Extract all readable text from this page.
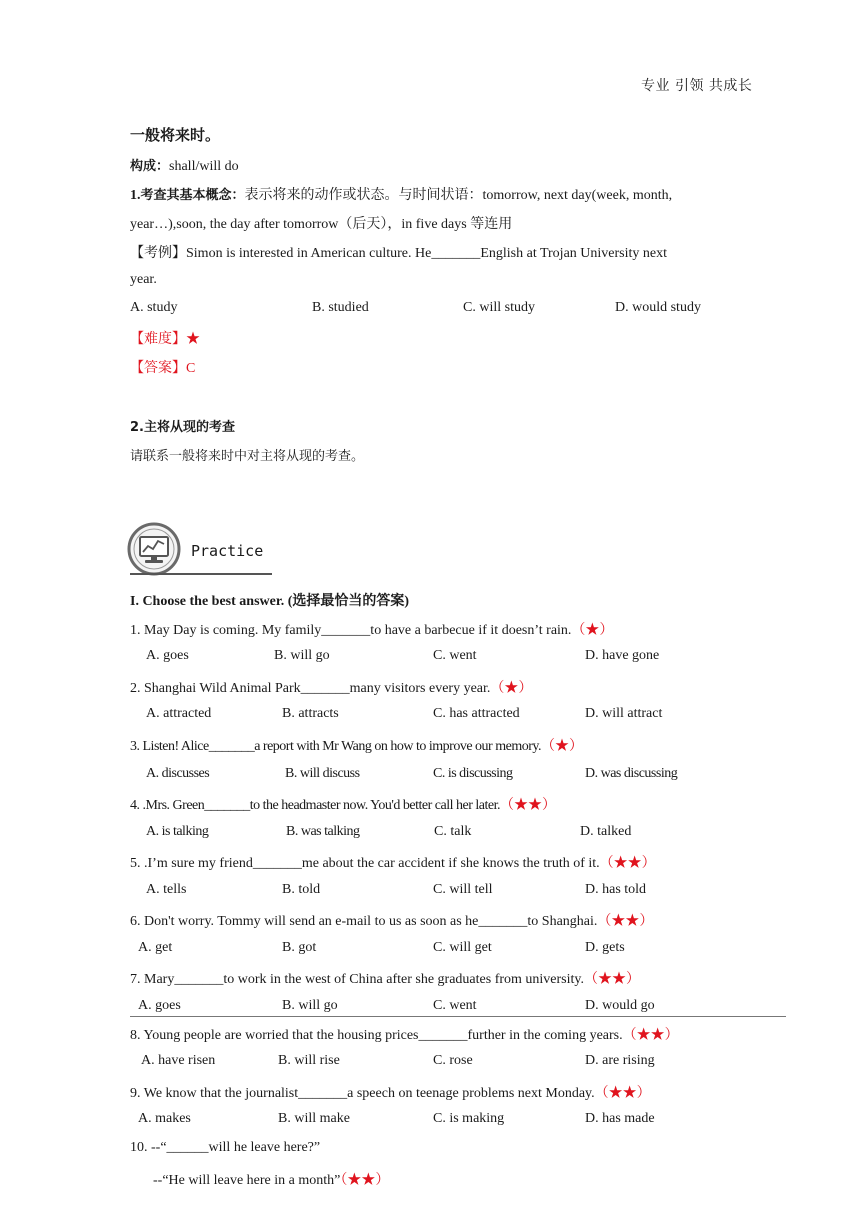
专业 引领 共成长
一般将来时。
构成：shall/will do
1.考查其基本概念：表示将来的动作或状态。与时间状语：tomorrow, next day(week, month,
year…),soon, the day after tomorrow（后天），in five days 等连用
【考例】Simon is interested in American culture. He_______English at Trojan University next
year.
A. study	B. studied	C. will study	D. would study
【难度】★
【答案】C
2.主将从现的考查
请联系一般将来时中对主将从现的考查。
Practice
I. Choose the best answer. (选择最恰当的答案)
1. May Day is coming. My family_______to have a barbecue if it doesn’t rain.（★）
A. goes	B. will go	C. went	D. have gone
2. Shanghai Wild Animal Park_______many visitors every year.（★）
A. attracted	B. attracts	C. has attracted	D. will attract
3. Listen! Alice_______a report with Mr Wang on how to improve our memory.（★）
A. discusses	B. will discuss	C. is discussing	D. was discussing
4. .Mrs. Green_______to the headmaster now. You'd better call her later.（★★）
A. is talking	B. was talking	C. talk	D. talked
5. .I’m sure my friend_______me about the car accident if she knows the truth of it.（★★）
A. tells	B. told	C. will tell	D. has told
6. Don't worry. Tommy will send an e-mail to us as soon as he_______to Shanghai.（★★）
A. get	B. got	C. will get	D. gets
7. Mary_______to work in the west of China after she graduates from university.（★★）
A. goes	B. will go	C. went	D. would go
8. Young people are worried that the housing prices_______further in the coming years.（★★）
A. have risen	B. will rise	C. rose	D. are rising
9. We know that the journalist_______a speech on teenage problems next Monday.（★★）
A. makes	B. will make	C. is making	D. has made
10. --“______will he leave here?”
--“He will leave here in a month”（★★）
